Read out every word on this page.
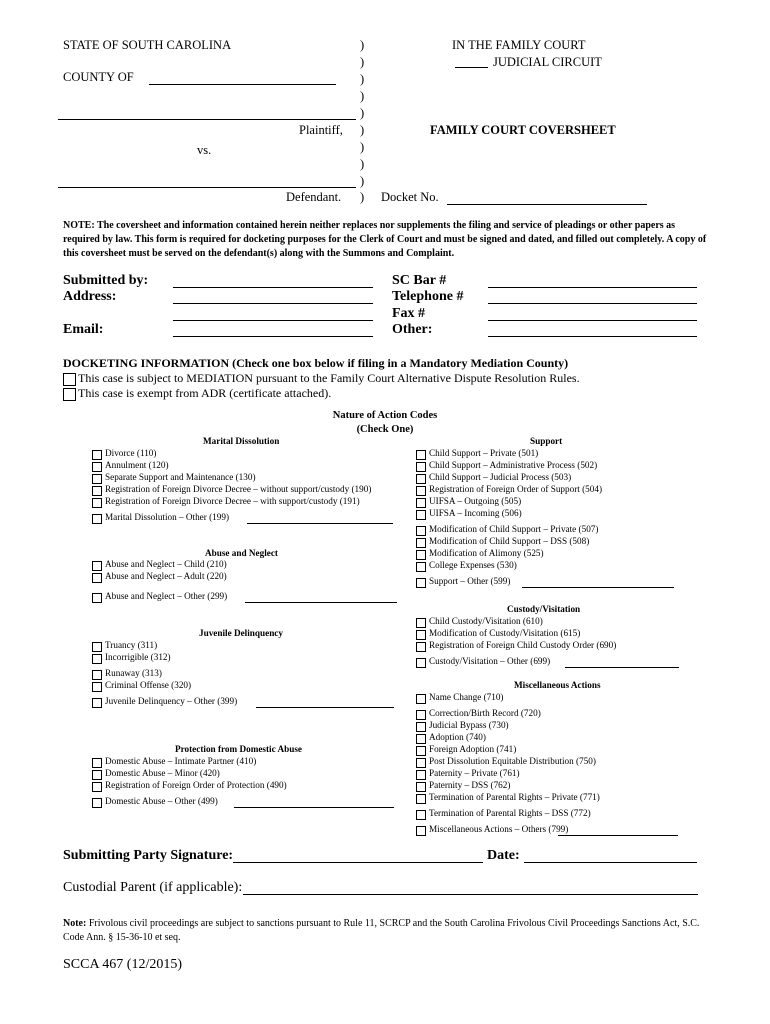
STATE OF SOUTH CAROLINA
COUNTY OF
Plaintiff,
vs.
Defendant.
)
)
)
)
)
)
)
)
)
)
IN THE FAMILY COURT
JUDICIAL CIRCUIT
FAMILY COURT COVERSHEET
Docket No.
NOTE: The coversheet and information contained herein neither replaces nor supplements the filing and service of pleadings or other papers as required by law. This form is required for docketing purposes for the Clerk of Court and must be signed and dated, and filled out completely. A copy of this coversheet must be served on the defendant(s) along with the Summons and Complaint.
Submitted by:
Address:
Email:
SC Bar #
Telephone #
Fax #
Other:
DOCKETING INFORMATION (Check one box below if filing in a Mandatory Mediation County)
This case is subject to MEDIATION pursuant to the Family Court Alternative Dispute Resolution Rules.
This case is exempt from ADR (certificate attached).
Nature of Action Codes
(Check One)
Marital Dissolution
Divorce (110)
Annulment (120)
Separate Support and Maintenance (130)
Registration of Foreign Divorce Decree – without support/custody (190)
Registration of Foreign Divorce Decree – with support/custody (191)
Marital Dissolution – Other (199)
Abuse and Neglect
Abuse and Neglect – Child (210)
Abuse and Neglect – Adult (220)
Abuse and Neglect – Other (299)
Juvenile Delinquency
Truancy (311)
Incorrigible (312)
Runaway (313)
Criminal Offense (320)
Juvenile Delinquency – Other (399)
Protection from Domestic Abuse
Domestic Abuse – Intimate Partner (410)
Domestic Abuse – Minor (420)
Registration of Foreign Order of Protection (490)
Domestic Abuse – Other (499)
Support
Child Support – Private (501)
Child Support – Administrative Process (502)
Child Support – Judicial Process (503)
Registration of Foreign Order of Support (504)
UIFSA – Outgoing (505)
UIFSA – Incoming (506)
Modification of Child Support – Private (507)
Modification of Child Support – DSS (508)
Modification of Alimony (525)
College Expenses (530)
Support – Other (599)
Custody/Visitation
Child Custody/Visitation (610)
Modification of Custody/Visitation (615)
Registration of Foreign Child Custody Order (690)
Custody/Visitation – Other (699)
Miscellaneous Actions
Name Change (710)
Correction/Birth Record (720)
Judicial Bypass (730)
Adoption (740)
Foreign Adoption (741)
Post Dissolution Equitable Distribution (750)
Paternity – Private (761)
Paternity – DSS (762)
Termination of Parental Rights – Private (771)
Termination of Parental Rights – DSS (772)
Miscellaneous Actions – Others (799)
Submitting Party Signature:	Date:
Custodial Parent (if applicable):
Note: Frivolous civil proceedings are subject to sanctions pursuant to Rule 11, SCRCP and the South Carolina Frivolous Civil Proceedings Sanctions Act, S.C. Code Ann. § 15-36-10 et seq.
SCCA 467 (12/2015)
